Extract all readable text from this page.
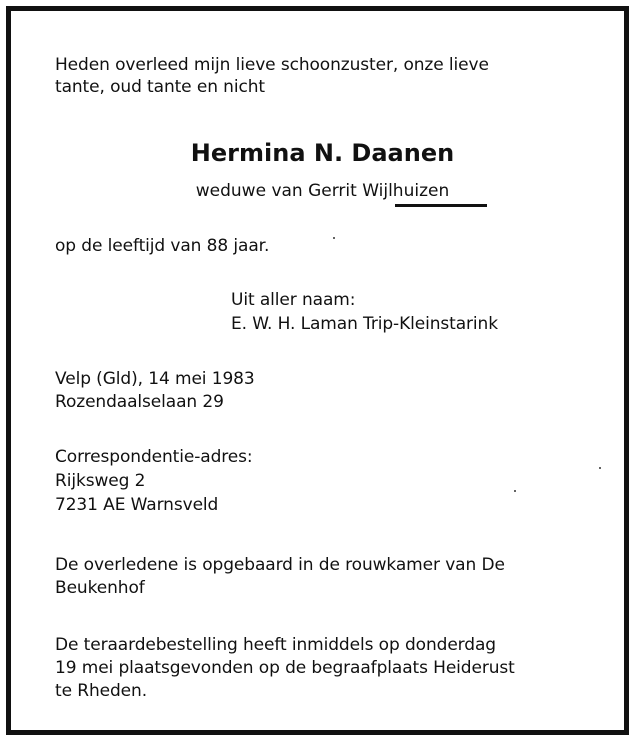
Heden overleed mijn lieve schoonzuster, onze lieve
tante, oud tante en nicht
Hermina N. Daanen
weduwe van Gerrit Wijlhuizen
op de leeftijd van 88 jaar.
Uit aller naam:
E. W. H. Laman Trip-Kleinstarink
Velp (Gld), 14 mei 1983
Rozendaalselaan 29
Correspondentie-adres:
Rijksweg 2
7231 AE Warnsveld
De overledene is opgebaard in de rouwkamer van De
Beukenhof
De teraardebestelling heeft inmiddels op donderdag
19 mei plaatsgevonden op de begraafplaats Heiderust
te Rheden.
